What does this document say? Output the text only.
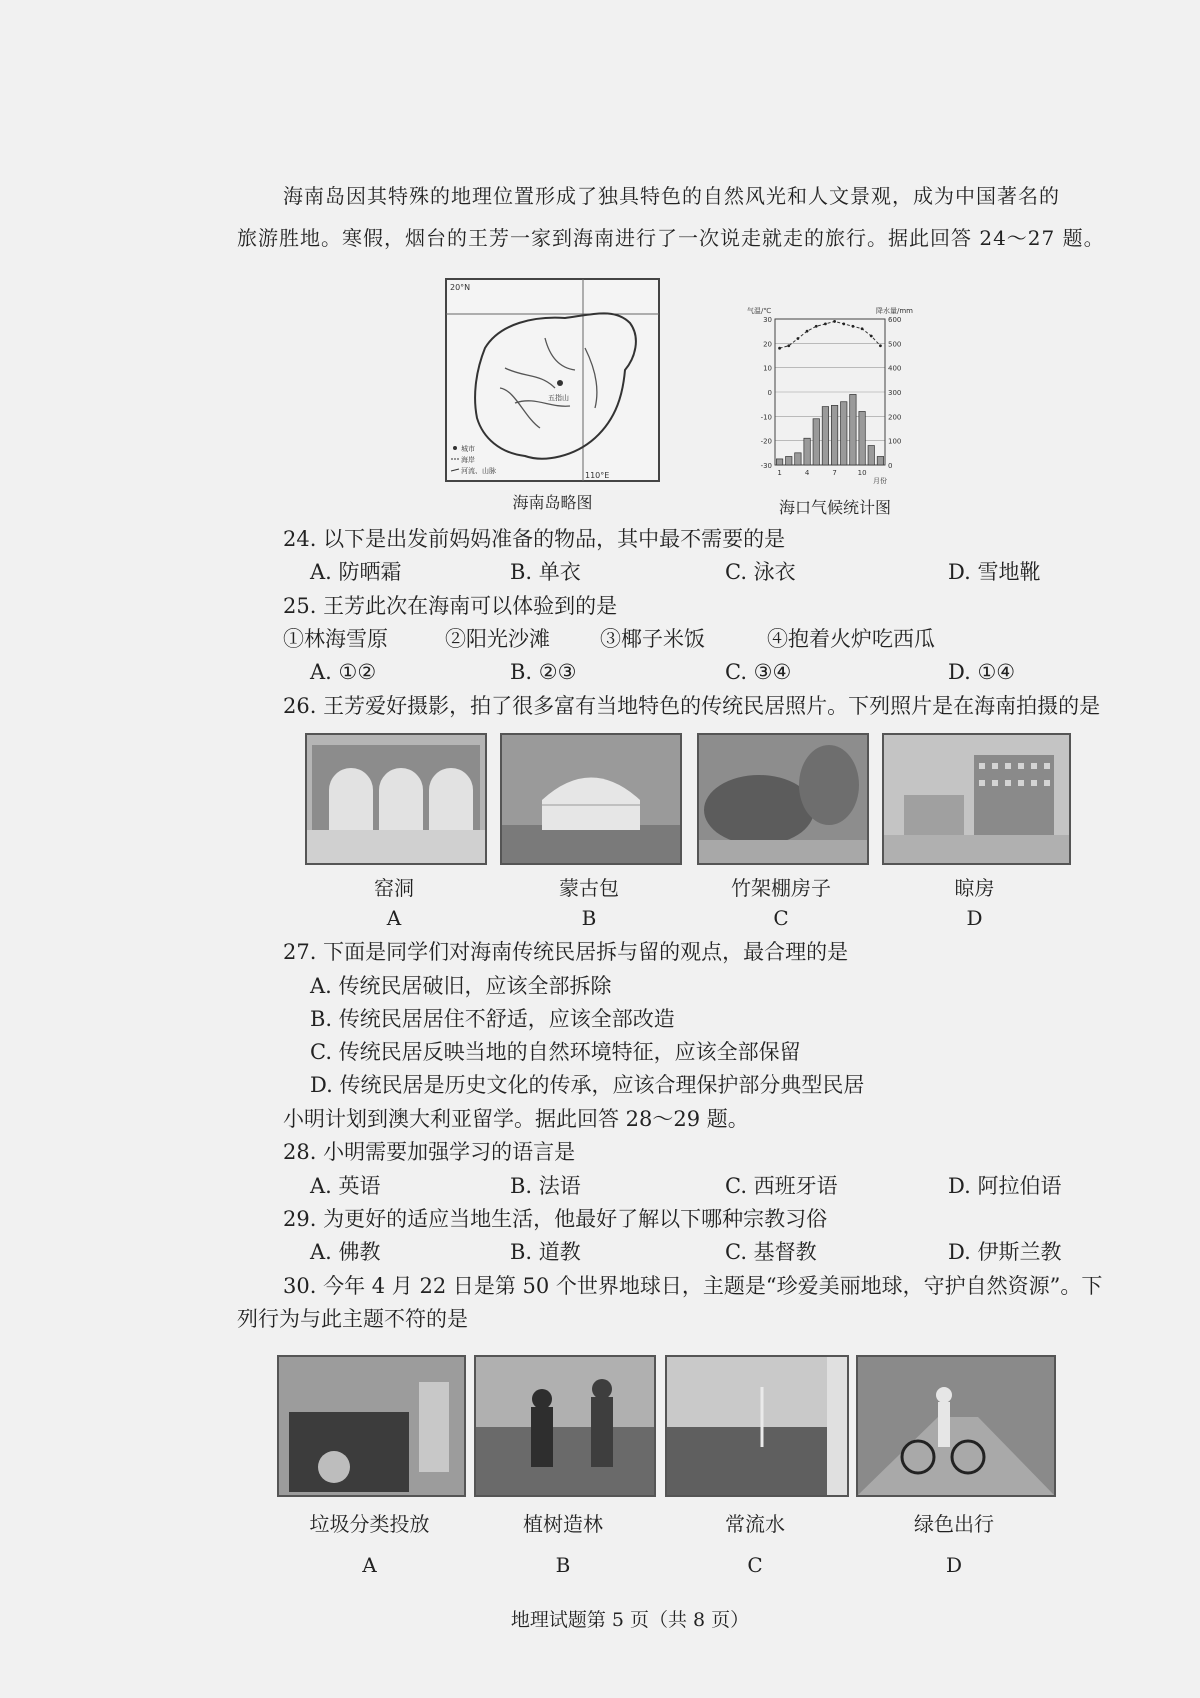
海南岛因其特殊的地理位置形成了独具特色的自然风光和人文景观，成为中国著名的
旅游胜地。寒假，烟台的王芳一家到海南进行了一次说走就走的旅行。据此回答 24～27 题。
五指山
20°N
110°E
城市
海岸
河流、山脉
海南岛略图
30
20
10
0
-10
-20
-30
600
500
400
300
200
100
0
1	4	7	10
月份
气温/℃	降水量/mm
海口气候统计图
24. 以下是出发前妈妈准备的物品，其中最不需要的是
A. 防晒霜	B. 单衣	C. 泳衣	D. 雪地靴
25. 王芳此次在海南可以体验到的是
①林海雪原	②阳光沙滩 ③椰子米饭	④抱着火炉吃西瓜
A. ①②	B. ②③	C. ③④	D. ①④
26. 王芳爱好摄影，拍了很多富有当地特色的传统民居照片。下列照片是在海南拍摄的是
窑洞	蒙古包	竹架棚房子	晾房
A	B	C	D
27. 下面是同学们对海南传统民居拆与留的观点，最合理的是
A. 传统民居破旧，应该全部拆除
B. 传统民居居住不舒适，应该全部改造
C. 传统民居反映当地的自然环境特征，应该全部保留
D. 传统民居是历史文化的传承，应该合理保护部分典型民居
小明计划到澳大利亚留学。据此回答 28～29 题。
28. 小明需要加强学习的语言是
A. 英语	B. 法语	C. 西班牙语	D. 阿拉伯语
29. 为更好的适应当地生活，他最好了解以下哪种宗教习俗
A. 佛教	B. 道教	C. 基督教	D. 伊斯兰教
30. 今年 4 月 22 日是第 50 个世界地球日，主题是“珍爱美丽地球，守护自然资源”。下
列行为与此主题不符的是
垃圾分类投放	植树造林	常流水	绿色出行
A	B	C	D
地理试题第 5 页（共 8 页）
